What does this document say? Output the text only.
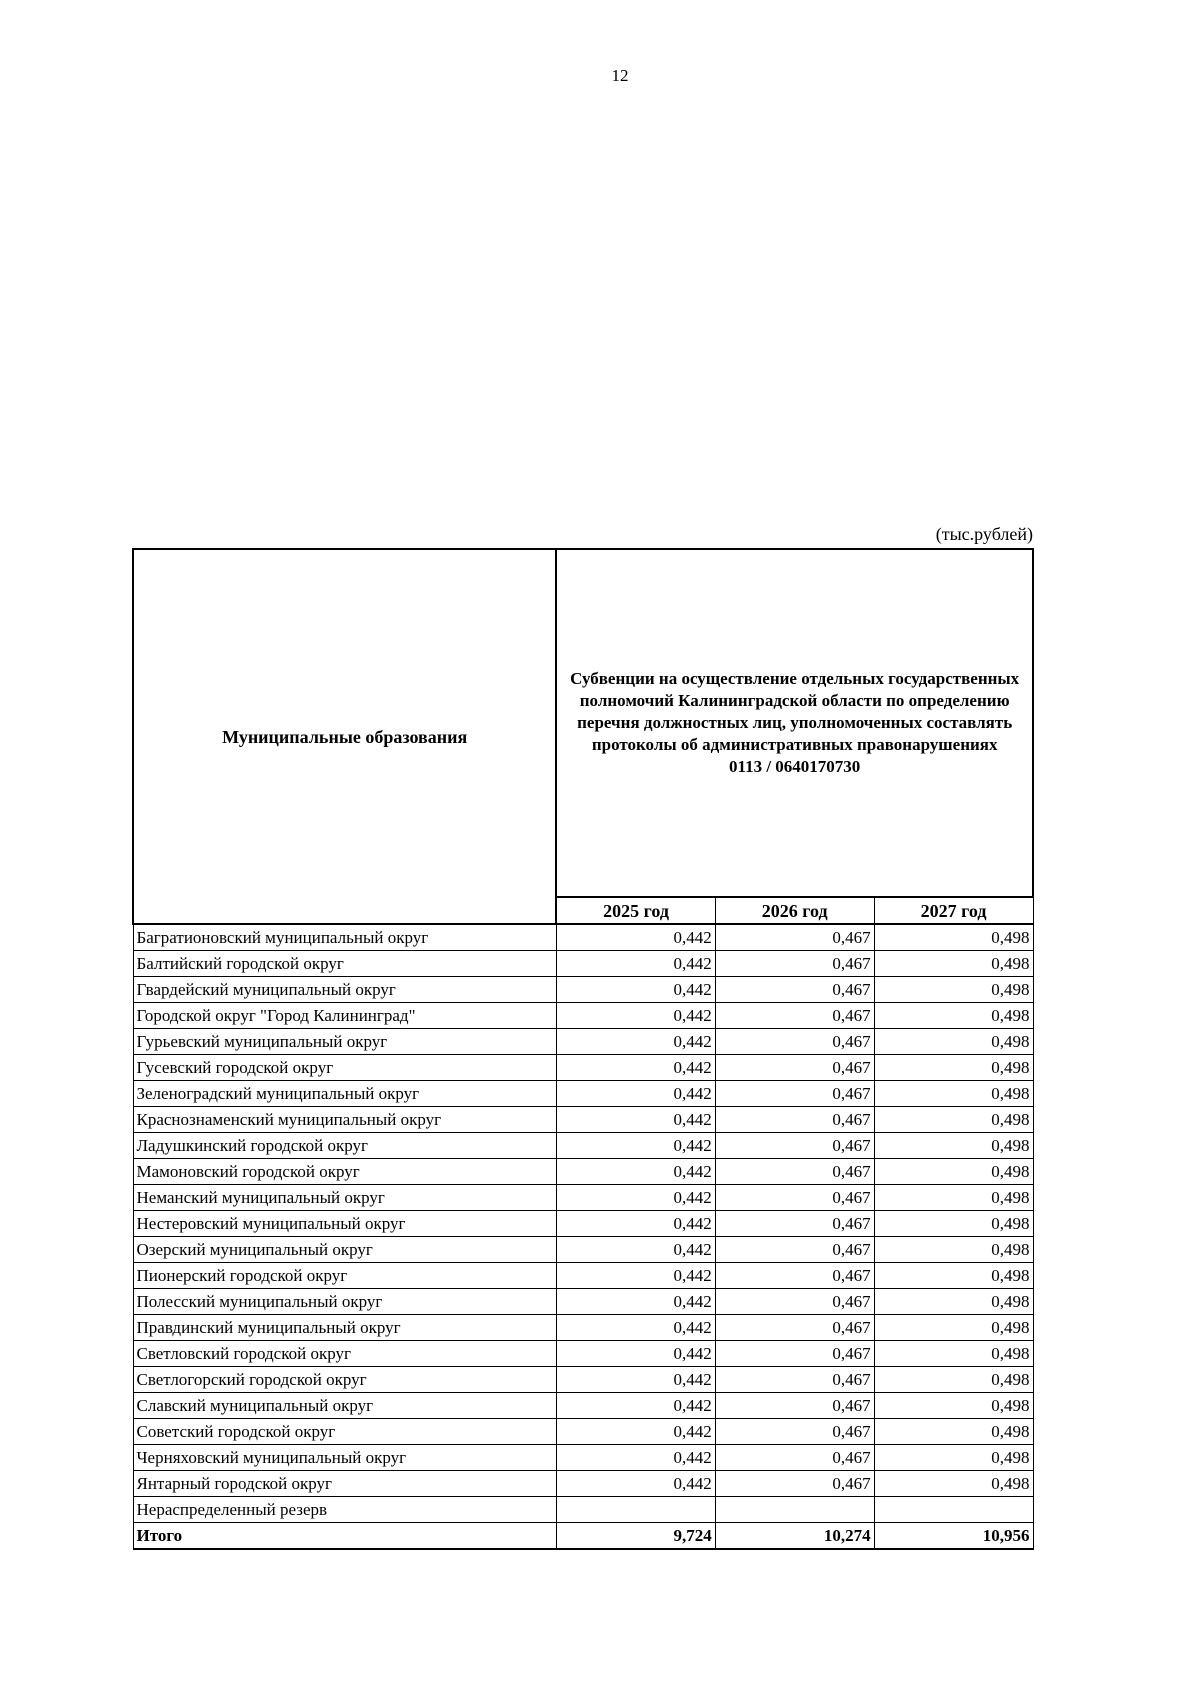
12
(тыс.рублей)
Муниципальные образования	Субвенции на осуществление отдельных государственных полномочий Калининградской области по определению перечня должностных лиц, уполномоченных составлять протоколы об административных правонарушениях
0113 / 0640170730		

	2025 год	2026 год	2027 год
Багратионовский муниципальный округ	0,442	0,467	0,498
Балтийский городской округ	0,442	0,467	0,498
Гвардейский муниципальный округ	0,442	0,467	0,498
Городской округ "Город Калининград"	0,442	0,467	0,498
Гурьевский муниципальный округ	0,442	0,467	0,498
Гусевский городской округ	0,442	0,467	0,498
Зеленоградский муниципальный округ	0,442	0,467	0,498
Краснознаменский муниципальный округ	0,442	0,467	0,498
Ладушкинский городской округ	0,442	0,467	0,498
Мамоновский городской округ	0,442	0,467	0,498
Неманский муниципальный округ	0,442	0,467	0,498
Нестеровский муниципальный округ	0,442	0,467	0,498
Озерский муниципальный округ	0,442	0,467	0,498
Пионерский городской округ	0,442	0,467	0,498
Полесский муниципальный округ	0,442	0,467	0,498
Правдинский муниципальный округ	0,442	0,467	0,498
Светловский городской округ	0,442	0,467	0,498
Светлогорский городской округ	0,442	0,467	0,498
Славский муниципальный округ	0,442	0,467	0,498
Советский городской округ	0,442	0,467	0,498
Черняховский муниципальный округ	0,442	0,467	0,498
Янтарный городской округ	0,442	0,467	0,498
Нераспределенный резерв			
Итого	9,724	10,274	10,956
